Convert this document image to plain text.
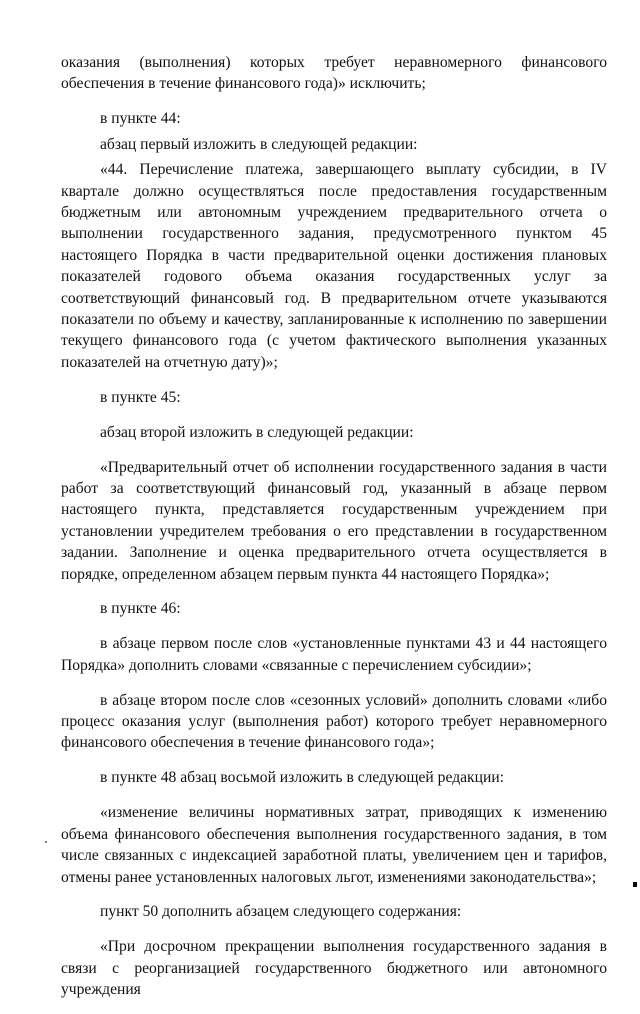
оказания (выполнения) которых требует неравномерного финансового обеспечения в течение финансового года)» исключить;

в пункте 44:

абзац первый изложить в следующей редакции:

«44. Перечисление платежа, завершающего выплату субсидии, в IV квартале должно осуществляться после предоставления государственным бюджетным или автономным учреждением предварительного отчета о выполнении государственного задания, предусмотренного пунктом 45 настоящего Порядка в части предварительной оценки достижения плановых показателей годового объема оказания государственных услуг за соответствующий финансовый год. В предварительном отчете указываются показатели по объему и качеству, запланированные к исполнению по завершении текущего финансового года (с учетом фактического выполнения указанных показателей на отчетную дату)»;

в пункте 45:

абзац второй изложить в следующей редакции:

«Предварительный отчет об исполнении государственного задания в части работ за соответствующий финансовый год, указанный в абзаце первом настоящего пункта, представляется государственным учреждением при установлении учредителем требования о его представлении в государственном задании. Заполнение и оценка предварительного отчета осуществляется в порядке, определенном абзацем первым пункта 44 настоящего Порядка»;

в пункте 46:

в абзаце первом после слов «установленные пунктами 43 и 44 настоящего Порядка» дополнить словами «связанные с перечислением субсидии»;

в абзаце втором после слов «сезонных условий» дополнить словами «либо процесс оказания услуг (выполнения работ) которого требует неравномерного финансового обеспечения в течение финансового года»;

в пункте 48 абзац восьмой изложить в следующей редакции:

«изменение величины нормативных затрат, приводящих к изменению объема финансового обеспечения выполнения государственного задания, в том числе связанных с индексацией заработной платы, увеличением цен и тарифов, отмены ранее установленных налоговых льгот, изменениями законодательства»;

пункт 50 дополнить абзацем следующего содержания:

«При досрочном прекращении выполнения государственного задания в связи с реорганизацией государственного бюджетного или автономного учреждения
